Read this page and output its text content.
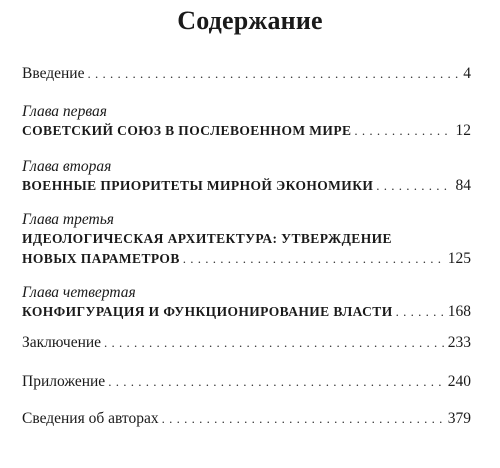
Содержание
Введение . . .	4
Глава первая
СОВЕТСКИЙ СОЮЗ В ПОСЛЕВОЕННОМ МИРЕ . . .	12
Глава вторая
ВОЕННЫЕ ПРИОРИТЕТЫ МИРНОЙ ЭКОНОМИКИ . . .	84
Глава третья
ИДЕОЛОГИЧЕСКАЯ АРХИТЕКТУРА: УТВЕРЖДЕНИЕ
НОВЫХ ПАРАМЕТРОВ . . .	125
Глава четвертая
КОНФИГУРАЦИЯ И ФУНКЦИОНИРОВАНИЕ ВЛАСТИ . . .	168
Заключение . . .	233
Приложение . . .	240
Сведения об авторах . . .	379
